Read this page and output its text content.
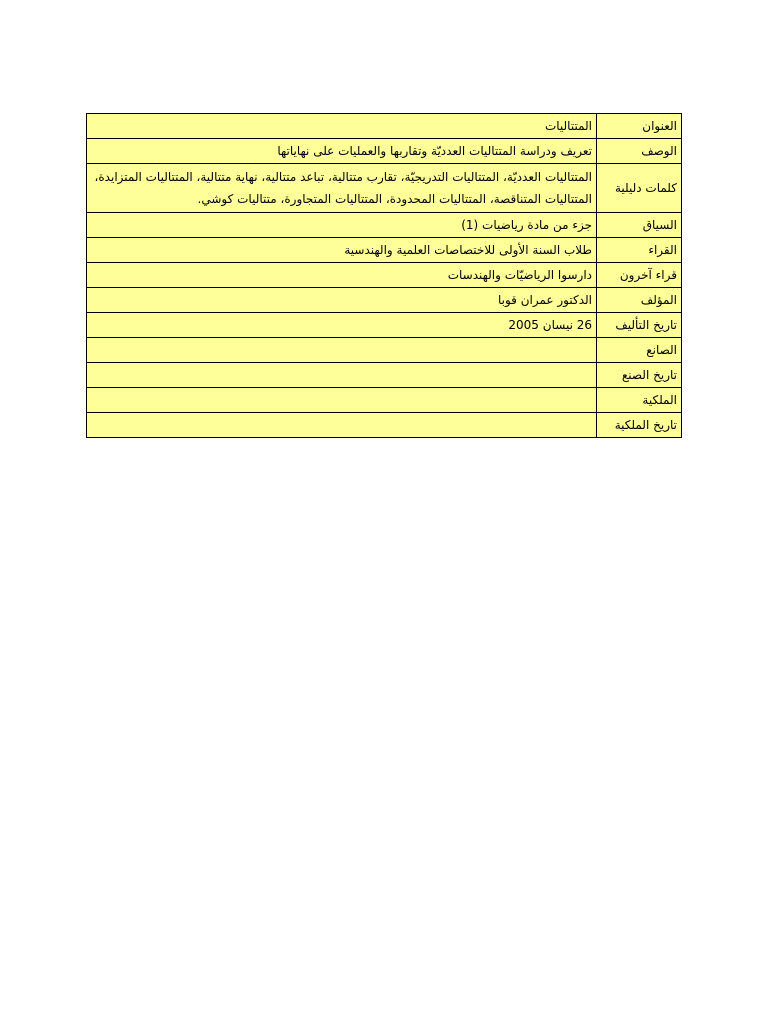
العنوان	المتتاليات
الوصف	تعريف ودراسة المتتاليات العدديّة وتقاربها والعمليات على نهاياتها
كلمات دليلية	المتتاليات العدديّة، المتتاليات التدريجيّة، تقارب متتالية، تباعد متتالية، نهاية متتالية، المتتاليات المتزايدة، المتتاليات المتناقصة، المتتاليات المحدودة، المتتاليات المتجاورة، متتاليات كوشي.
السياق	جزء من مادة رياضيات (1)
القراء	طلاب السنة الأولى للاختصاصات العلمية والهندسية
قراء آخرون	دارسوا الرياضيّات والهندسات
المؤلف	الدكتور عمران قوبا
تاريخ التأليف	26 نيسان 2005
الصانع	
تاريخ الصنع	
الملكية	
تاريخ الملكية	
